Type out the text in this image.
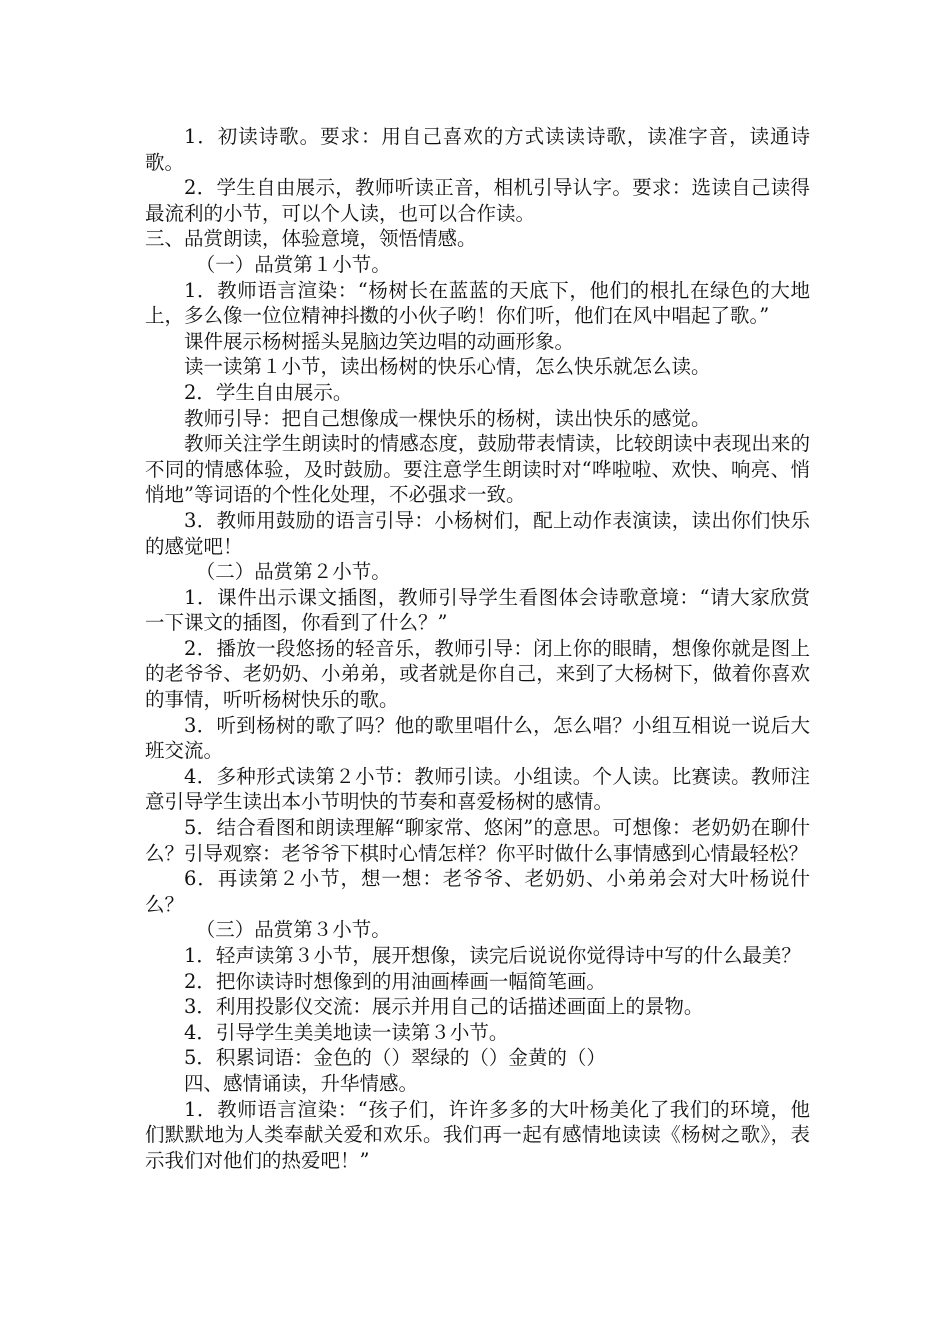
1．初读诗歌。要求：用自己喜欢的方式读读诗歌，读准字音，读通诗歌。

2．学生自由展示，教师听读正音，相机引导认字。要求：选读自己读得最流利的小节，可以个人读，也可以合作读。

三、品赏朗读，体验意境，领悟情感。

（一）品赏第１小节。

1．教师语言渲染：“杨树长在蓝蓝的天底下，他们的根扎在绿色的大地上，多么像一位位精神抖擞的小伙子哟！你们听，他们在风中唱起了歌。”

课件展示杨树摇头晃脑边笑边唱的动画形象。

读一读第１小节，读出杨树的快乐心情，怎么快乐就怎么读。

2．学生自由展示。

教师引导：把自己想像成一棵快乐的杨树，读出快乐的感觉。

教师关注学生朗读时的情感态度，鼓励带表情读，比较朗读中表现出来的不同的情感体验，及时鼓励。要注意学生朗读时对“哗啦啦、欢快、响亮、悄悄地”等词语的个性化处理，不必强求一致。

3．教师用鼓励的语言引导：小杨树们，配上动作表演读，读出你们快乐的感觉吧！

（二）品赏第２小节。

1．课件出示课文插图，教师引导学生看图体会诗歌意境：“请大家欣赏一下课文的插图，你看到了什么？”

2．播放一段悠扬的轻音乐，教师引导：闭上你的眼睛，想像你就是图上的老爷爷、老奶奶、小弟弟，或者就是你自己，来到了大杨树下，做着你喜欢的事情，听听杨树快乐的歌。

3．听到杨树的歌了吗？他的歌里唱什么，怎么唱？小组互相说一说后大班交流。

4．多种形式读第２小节：教师引读。小组读。个人读。比赛读。教师注意引导学生读出本小节明快的节奏和喜爱杨树的感情。

5．结合看图和朗读理解“聊家常、悠闲”的意思。可想像：老奶奶在聊什么？引导观察：老爷爷下棋时心情怎样？你平时做什么事情感到心情最轻松？

6．再读第２小节，想一想：老爷爷、老奶奶、小弟弟会对大叶杨说什么？

（三）品赏第３小节。

1．轻声读第３小节，展开想像，读完后说说你觉得诗中写的什么最美？

2．把你读诗时想像到的用油画棒画一幅简笔画。

3．利用投影仪交流：展示并用自己的话描述画面上的景物。

4．引导学生美美地读一读第３小节。

5．积累词语：金色的（）翠绿的（）金黄的（）

四、感情诵读，升华情感。

1．教师语言渲染：“孩子们，许许多多的大叶杨美化了我们的环境，他们默默地为人类奉献关爱和欢乐。我们再一起有感情地读读《杨树之歌》，表示我们对他们的热爱吧！”
